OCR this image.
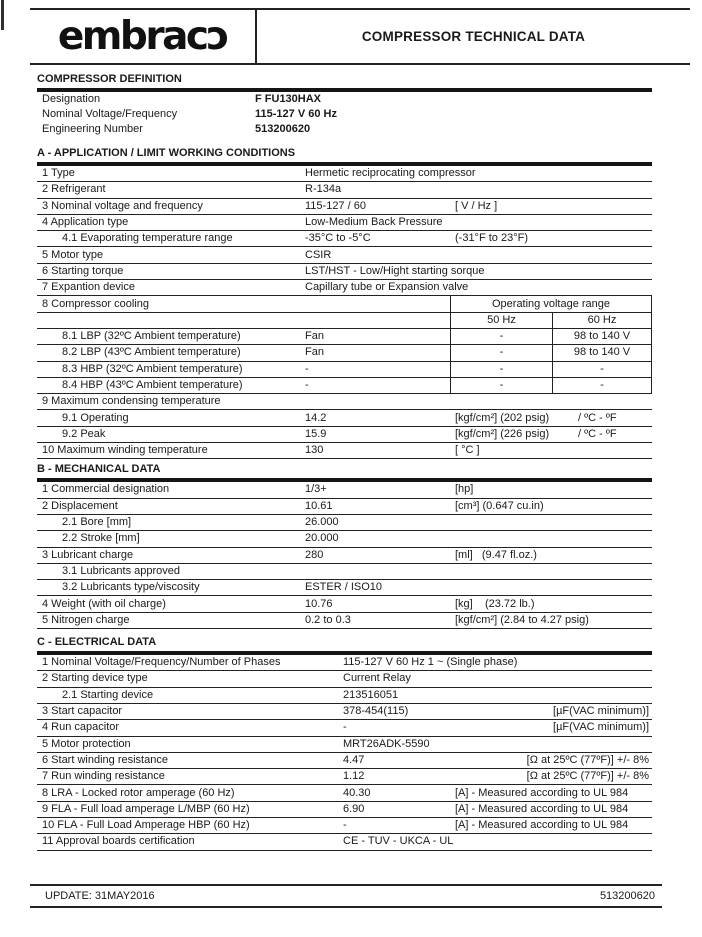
embracɔ	COMPRESSOR TECHNICAL DATA
COMPRESSOR DEFINITION
Designation	F FU130HAX
Nominal Voltage/Frequency	115-127 V 60 Hz
Engineering Number	513200620
A - APPLICATION / LIMIT WORKING CONDITIONS
1 Type	Hermetic reciprocating compressor
2 Refrigerant	R-134a
3 Nominal voltage and frequency	115-127 / 60	[ V / Hz ]
4 Application type	Low-Medium Back Pressure
4.1 Evaporating temperature range	-35°C to -5°C	(-31°F to 23°F)
5 Motor type	CSIR
6 Starting torque	LST/HST - Low/Hight starting sorque
7 Expantion device	Capillary tube or Expansion valve
8 Compressor cooling	Operating voltage range
50 Hz	60 Hz
8.1 LBP (32ºC Ambient temperature)	Fan	-	98 to 140 V
8.2 LBP (43ºC Ambient temperature)	Fan	-	98 to 140 V
8.3 HBP (32ºC Ambient temperature)	-	-	-
8.4 HBP (43ºC Ambient temperature)	-	-	-
9 Maximum condensing temperature
9.1 Operating	14.2	[kgf/cm²] (202 psig)	/ ºC - ºF
9.2 Peak	15.9	[kgf/cm²] (226 psig)	/ ºC - ºF
10 Maximum winding temperature	130	[ °C ]
B - MECHANICAL DATA
1 Commercial designation	1/3+	[hp]
2 Displacement	10.61	[cm³] (0.647 cu.in)
2.1 Bore [mm]	26.000
2.2 Stroke [mm]	20.000
3 Lubricant charge	280	[ml]   (9.47 fl.oz.)
3.1 Lubricants approved
3.2 Lubricants type/viscosity	ESTER / ISO10
4 Weight (with oil charge)	10.76	[kg]    (23.72 lb.)
5 Nitrogen charge	0.2 to 0.3	[kgf/cm²] (2.84 to 4.27 psig)
C - ELECTRICAL DATA
1 Nominal Voltage/Frequency/Number of Phases	115-127 V 60 Hz 1 ~ (Single phase)
2 Starting device type	Current Relay
2.1 Starting device	213516051
3 Start capacitor	378-454(115)	[µF(VAC minimum)]
4 Run capacitor	-	[µF(VAC minimum)]
5 Motor protection	MRT26ADK-5590
6 Start winding resistance	4.47	[Ω at 25ºC (77ºF)] +/- 8%
7 Run winding resistance	1.12	[Ω at 25ºC (77ºF)] +/- 8%
8 LRA - Locked rotor amperage (60 Hz)	40.30	[A] - Measured according to UL 984
9 FLA - Full load amperage L/MBP (60 Hz)	6.90	[A] - Measured according to UL 984
10 FLA - Full Load Amperage HBP (60 Hz)	-	[A] - Measured according to UL 984
11 Approval boards certification	CE - TUV - UKCA - UL
UPDATE: 31MAY2016	513200620
